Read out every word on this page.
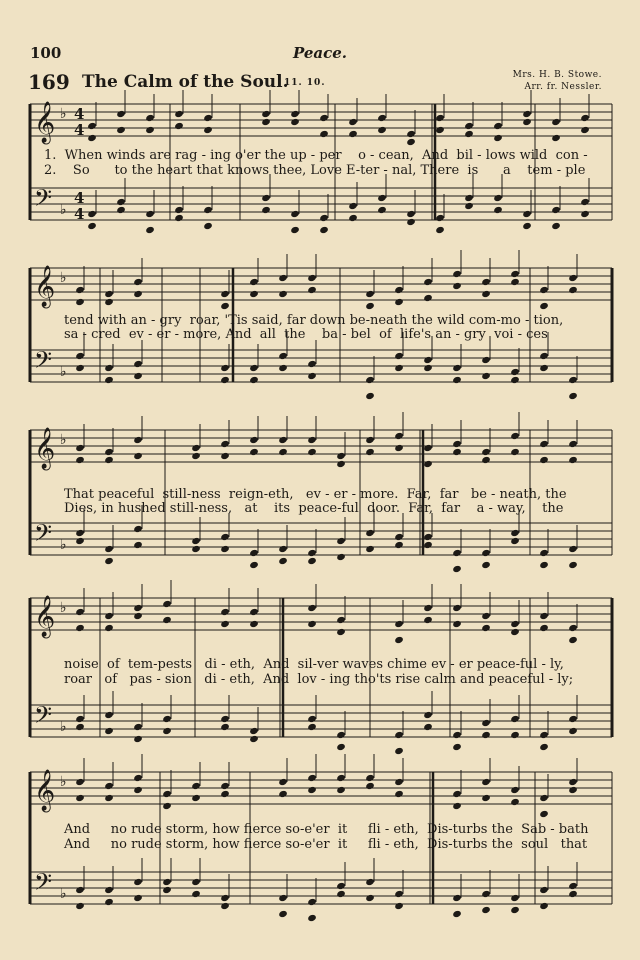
100	Peace.
169 The Calm of the Soul.
11. 10.
Mrs. H. B. Stowe.
Arr. fr. Nessler.
𝄞
𝄢
♭
♭
4
4
4
4
𝄞
𝄢
♭
♭
𝄞
𝄢
♭
♭
𝄞
𝄢
♭
♭
𝄞
𝄢
♭
♭
1.  When winds are rag - ing o'er the up - per    o - cean,  And  bil - lows wild  con -
2.    So      to the heart that knows thee, Love E-ter - nal, There  is      a    tem - ple
tend with an - gry  roar, 'Tis said, far down be-neath the wild com-mo - tion,
sa - cred  ev - er - more, And  all  the    ba - bel  of  life's an - gry  voi - ces
That peaceful  still-ness  reign-eth,   ev - er - more.  Far,  far   be - neath, the
Dies, in hushed still-ness,   at    its  peace-ful  door.  Far,  far    a - way,    the
noise  of  tem-pests   di - eth,  And  sil-ver waves chime ev - er peace-ful - ly,
roar   of   pas - sion   di - eth,  And  lov - ing tho'ts rise calm and peaceful - ly;
And     no rude storm, how fierce so-e'er  it     fli - eth,  Dis-turbs the  Sab - bath
And     no rude storm, how fierce so-e'er  it     fli - eth,  Dis-turbs the  soul   that
